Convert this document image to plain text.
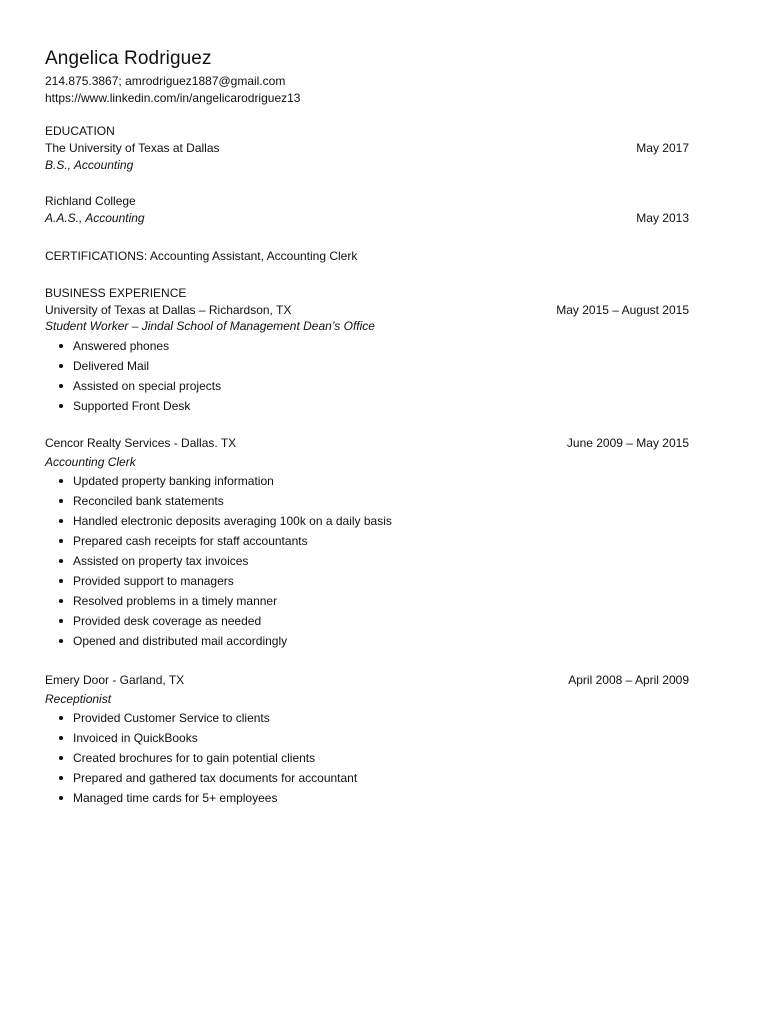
Angelica Rodriguez
214.875.3867; amrodriguez1887@gmail.com
https://www.linkedin.com/in/angelicarodriguez13
EDUCATION
The University of Texas at Dallas	May 2017
B.S., Accounting
Richland College
A.A.S., Accounting	May 2013
CERTIFICATIONS: Accounting Assistant, Accounting Clerk
BUSINESS EXPERIENCE
University of Texas at Dallas – Richardson, TX	May 2015 – August 2015
Student Worker – Jindal School of Management Dean’s Office
Answered phones
Delivered Mail
Assisted on special projects
Supported Front Desk
Cencor Realty Services - Dallas. TX	June 2009 – May 2015
Accounting Clerk
Updated property banking information
Reconciled bank statements
Handled electronic deposits averaging 100k on a daily basis
Prepared cash receipts for staff accountants
Assisted on property tax invoices
Provided support to managers
Resolved problems in a timely manner
Provided desk coverage as needed
Opened and distributed mail accordingly
Emery Door - Garland, TX	April 2008 – April 2009
Receptionist
Provided Customer Service to clients
Invoiced in QuickBooks
Created brochures for to gain potential clients
Prepared and gathered tax documents for accountant
Managed time cards for 5+ employees
